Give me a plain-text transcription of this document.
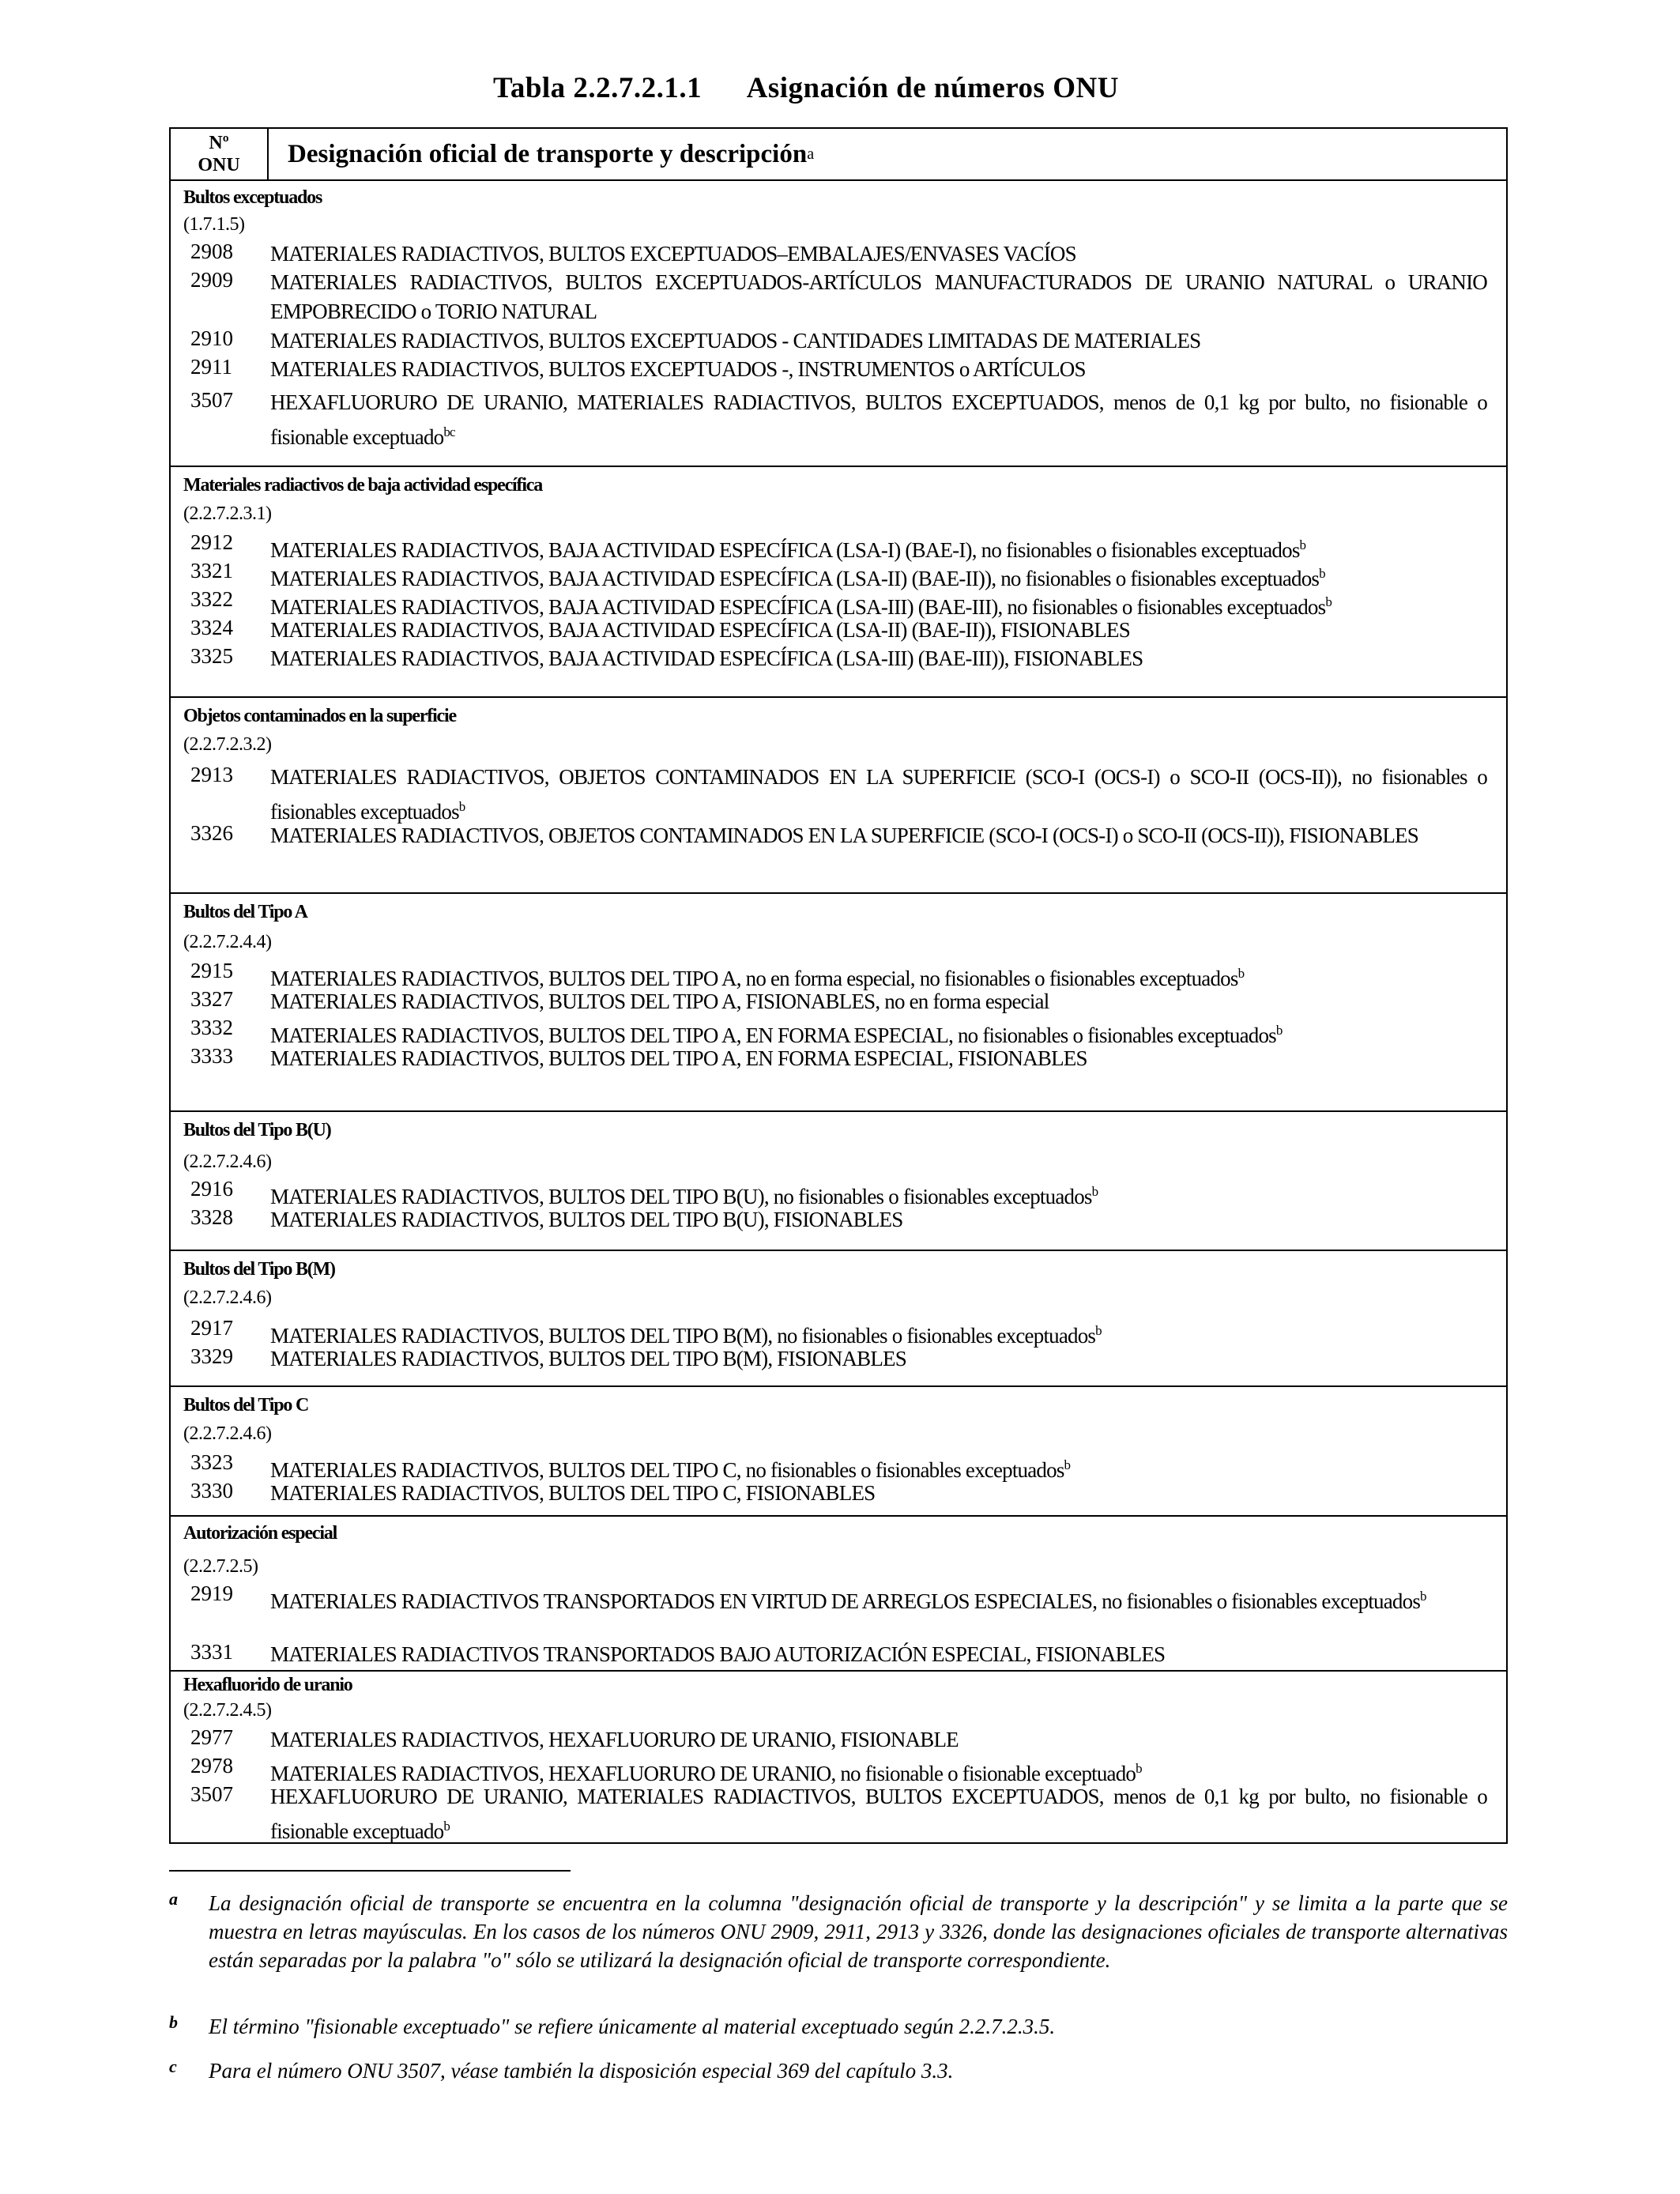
Tabla 2.2.7.2.1.1      Asignación de números ONU
Nº
ONU Designación oficial de transporte y descripción a
Bultos exceptuados
(1.7.1.5)
2908 MATERIALES RADIACTIVOS, BULTOS EXCEPTUADOS–EMBALAJES/ENVASES VACÍOS
2909 MATERIALES RADIACTIVOS, BULTOS EXCEPTUADOS-ARTÍCULOS MANUFACTURADOS DE URANIO NATURAL o URANIO EMPOBRECIDO o TORIO NATURAL
2910 MATERIALES RADIACTIVOS, BULTOS EXCEPTUADOS - CANTIDADES LIMITADAS DE MATERIALES
2911 MATERIALES RADIACTIVOS, BULTOS EXCEPTUADOS -, INSTRUMENTOS o ARTÍCULOS
3507 HEXAFLUORURO DE URANIO, MATERIALES RADIACTIVOS, BULTOS EXCEPTUADOS, menos de 0,1 kg por bulto, no fisionable o fisionable exceptuado$^{bc}$
Materiales radiactivos de baja actividad específica
(2.2.7.2.3.1)
2912 MATERIALES RADIACTIVOS, BAJA ACTIVIDAD ESPECÍFICA (LSA-I) (BAE-I), no fisionables o fisionables exceptuados$^b$
3321 MATERIALES RADIACTIVOS, BAJA ACTIVIDAD ESPECÍFICA (LSA-II) (BAE-II)), no fisionables o fisionables exceptuados$^b$
3322 MATERIALES RADIACTIVOS, BAJA ACTIVIDAD ESPECÍFICA (LSA-III) (BAE-III), no fisionables o fisionables exceptuados$^b$
3324 MATERIALES RADIACTIVOS, BAJA ACTIVIDAD ESPECÍFICA (LSA-II) (BAE-II)), FISIONABLES
3325 MATERIALES RADIACTIVOS, BAJA ACTIVIDAD ESPECÍFICA (LSA-III) (BAE-III)), FISIONABLES
Objetos contaminados en la superficie
(2.2.7.2.3.2)
2913 MATERIALES RADIACTIVOS, OBJETOS CONTAMINADOS EN LA SUPERFICIE (SCO-I (OCS-I) o SCO-II (OCS-II)), no fisionables o fisionables exceptuados$^b$
3326 MATERIALES RADIACTIVOS, OBJETOS CONTAMINADOS EN LA SUPERFICIE (SCO-I (OCS-I) o SCO-II (OCS-II)), FISIONABLES
Bultos del Tipo A
(2.2.7.2.4.4)
2915 MATERIALES RADIACTIVOS, BULTOS DEL TIPO A, no en forma especial, no fisionables o fisionables exceptuados$^b$
3327 MATERIALES RADIACTIVOS, BULTOS DEL TIPO A, FISIONABLES, no en forma especial
3332 MATERIALES RADIACTIVOS, BULTOS DEL TIPO A, EN FORMA ESPECIAL, no fisionables o fisionables exceptuados$^b$
3333 MATERIALES RADIACTIVOS, BULTOS DEL TIPO A, EN FORMA ESPECIAL, FISIONABLES
Bultos del Tipo B(U)
(2.2.7.2.4.6)
2916 MATERIALES RADIACTIVOS, BULTOS DEL TIPO B(U), no fisionables o fisionables exceptuados$^b$
3328 MATERIALES RADIACTIVOS, BULTOS DEL TIPO B(U), FISIONABLES
Bultos del Tipo B(M)
(2.2.7.2.4.6)
2917 MATERIALES RADIACTIVOS, BULTOS DEL TIPO B(M), no fisionables o fisionables exceptuados$^b$
3329 MATERIALES RADIACTIVOS, BULTOS DEL TIPO B(M), FISIONABLES
Bultos del Tipo C
(2.2.7.2.4.6)
3323 MATERIALES RADIACTIVOS, BULTOS DEL TIPO C, no fisionables o fisionables exceptuados$^b$
3330 MATERIALES RADIACTIVOS, BULTOS DEL TIPO C, FISIONABLES
Autorización especial
(2.2.7.2.5)
2919 MATERIALES RADIACTIVOS TRANSPORTADOS EN VIRTUD DE ARREGLOS ESPECIALES, no fisionables o fisionables exceptuados$^b$
3331 MATERIALES RADIACTIVOS TRANSPORTADOS BAJO AUTORIZACIÓN ESPECIAL, FISIONABLES
Hexafluorido de uranio
(2.2.7.2.4.5)
2977 MATERIALES RADIACTIVOS, HEXAFLUORURO DE URANIO, FISIONABLE
2978 MATERIALES RADIACTIVOS, HEXAFLUORURO DE URANIO, no fisionable o fisionable exceptuado$^b$
3507 HEXAFLUORURO DE URANIO, MATERIALES RADIACTIVOS, BULTOS EXCEPTUADOS, menos de 0,1 kg por bulto, no fisionable o fisionable exceptuado$^b$
a La designación oficial de transporte se encuentra en la columna "designación oficial de transporte y la descripción" y se limita a la parte que se muestra en letras mayúsculas. En los casos de los números ONU 2909, 2911, 2913 y 3326, donde las designaciones oficiales de transporte alternativas están separadas por la palabra "o" sólo se utilizará la designación oficial de transporte correspondiente.
b El término "fisionable exceptuado" se refiere únicamente al material exceptuado según 2.2.7.2.3.5.
c Para el número ONU 3507, véase también la disposición especial 369 del capítulo 3.3.
